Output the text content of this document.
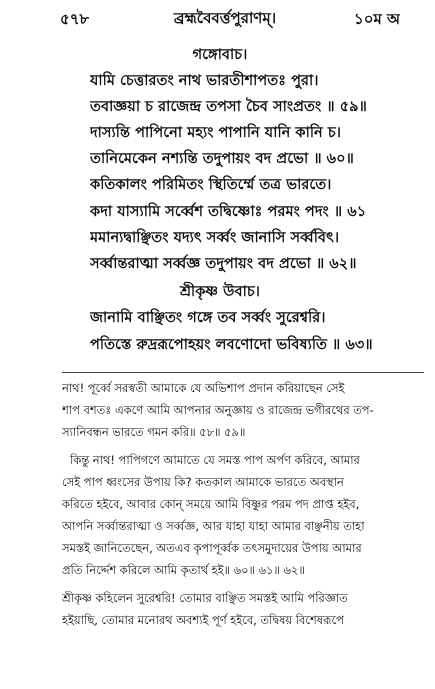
৫৭৮	ব্রহ্মবৈবর্ত্তপুরাণম্।	১০ম অ
গঙ্গোবাচ।
যামি চেত্তারতং নাথ ভারতীশাপতঃ পুরা।
তবাজ্ঞয়া চ রাজেন্দ্র তপসা চৈব সাংপ্রতং ॥ ৫৯॥
দাস্যন্তি পাপিনো মহ্যং পাপানি যানি কানি চ।
তানিমেকেন নশ্যন্তি তদুপায়ং বদ প্রভো ॥ ৬০॥
কতিকালং পরিমিতং স্থিতির্ম্মে তত্র ভারতে।
কদা যাস্যামি সর্ব্বেশ তদ্বিষ্ণোঃ পরমং পদং ॥ ৬১
মমান্যদ্বাঞ্ছিতং যদ্যৎ সর্ব্বং জানাসি সর্ব্ববিৎ।
সর্ব্বান্তরাত্মা সর্ব্বজ্ঞ তদুপায়ং বদ প্রভো ॥ ৬২॥
শ্রীকৃষ্ণ উবাচ।
জানামি বাঞ্ছিতং গঙ্গে তব সর্ব্বং সুরেশ্বরি।
পতিস্তে রুদ্ররূপোহয়ং লবণোদো ভবিষ্যতি ॥ ৬৩॥
নাথ! পূর্ব্বে সরস্বতী আমাকে যে অভিশাপ প্রদান করিয়াছেন সেই
শাপ বশতঃ একণে আমি আপনার অনুজ্ঞায় ও রাজেন্দ্র ভগীরথের তপ-
স্যানিবন্ধন ভারতে গমন করি॥ ৫৮॥ ৫৯॥
কিন্তু নাথ! পাপিগণে আমাতে যে সমস্ত পাপ অর্পণ করিবে, আমার
সেই পাপ ধ্বংসের উপায় কি? কতকাল আমাকে ভারতে অবস্থান
করিতে হইবে, আবার কোন্ সময়ে আমি বিষ্ণুর পরম পদ প্রাপ্ত হইব,
আপনি সর্ব্বান্তরাত্মা ও সর্ব্বজ্ঞ, আর যাহা যাহা আমার বাঞ্ছনীয় তাহা
সমস্তই জানিতেছেন, অতএব কৃপাপূর্ব্বক তৎসমুদায়ের উপায় আমার
প্রতি নির্দ্দেশ করিলে আমি কৃতার্থ হই॥ ৬০॥ ৬১॥ ৬২॥
শ্রীকৃষ্ণ কহিলেন সুরেশ্বরি! তোমার বাঞ্ছিত সমস্তই আমি পরিজ্ঞাত
হইয়াছি, তোমার মনোরথ অবশ্যই পূর্ণ হইবে, তদ্বিষয় বিশেষরূপে
